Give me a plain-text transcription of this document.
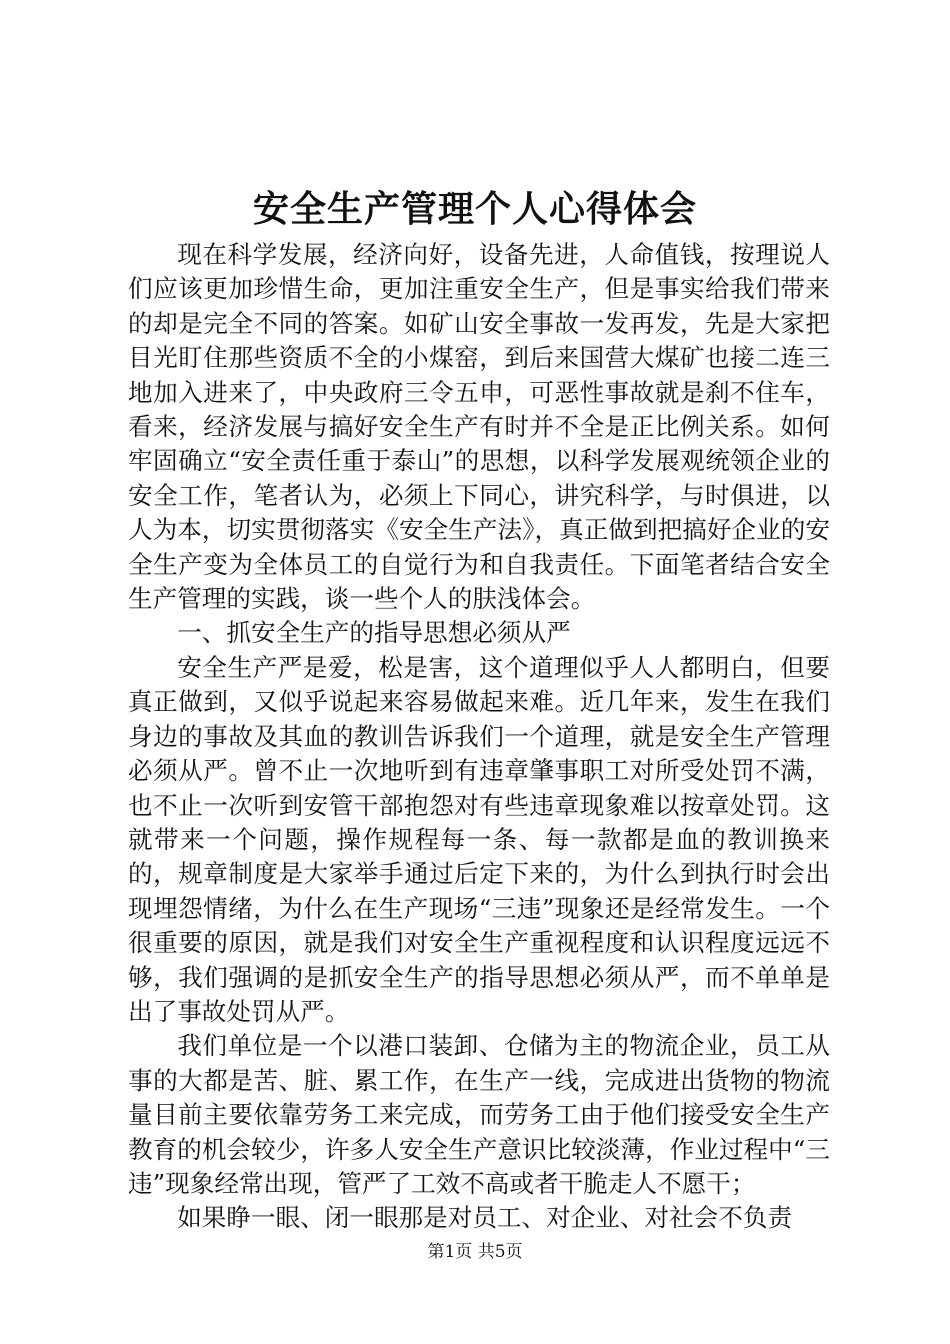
安全生产管理个人心得体会

现在科学发展，经济向好，设备先进，人命值钱，按理说人们应该更加珍惜生命，更加注重安全生产，但是事实给我们带来的却是完全不同的答案。如矿山安全事故一发再发，先是大家把目光盯住那些资质不全的小煤窑，到后来国营大煤矿也接二连三地加入进来了，中央政府三令五申，可恶性事故就是刹不住车，看来，经济发展与搞好安全生产有时并不全是正比例关系。如何牢固确立“安全责任重于泰山”的思想，以科学发展观统领企业的安全工作，笔者认为，必须上下同心，讲究科学，与时俱进，以人为本，切实贯彻落实《安全生产法》，真正做到把搞好企业的安全生产变为全体员工的自觉行为和自我责任。下面笔者结合安全生产管理的实践，谈一些个人的肤浅体会。

一、抓安全生产的指导思想必须从严

安全生产严是爱，松是害，这个道理似乎人人都明白，但要真正做到，又似乎说起来容易做起来难。近几年来，发生在我们身边的事故及其血的教训告诉我们一个道理，就是安全生产管理必须从严。曾不止一次地听到有违章肇事职工对所受处罚不满，也不止一次听到安管干部抱怨对有些违章现象难以按章处罚。这就带来一个问题，操作规程每一条、每一款都是血的教训换来的，规章制度是大家举手通过后定下来的，为什么到执行时会出现埋怨情绪，为什么在生产现场“三违”现象还是经常发生。一个很重要的原因，就是我们对安全生产重视程度和认识程度远远不够，我们强调的是抓安全生产的指导思想必须从严，而不单单是出了事故处罚从严。

我们单位是一个以港口装卸、仓储为主的物流企业，员工从事的大都是苦、脏、累工作，在生产一线，完成进出货物的物流量目前主要依靠劳务工来完成，而劳务工由于他们接受安全生产教育的机会较少，许多人安全生产意识比较淡薄，作业过程中“三违”现象经常出现，管严了工效不高或者干脆走人不愿干；

如果睁一眼、闭一眼那是对员工、对企业、对社会不负责

第1页 共5页
